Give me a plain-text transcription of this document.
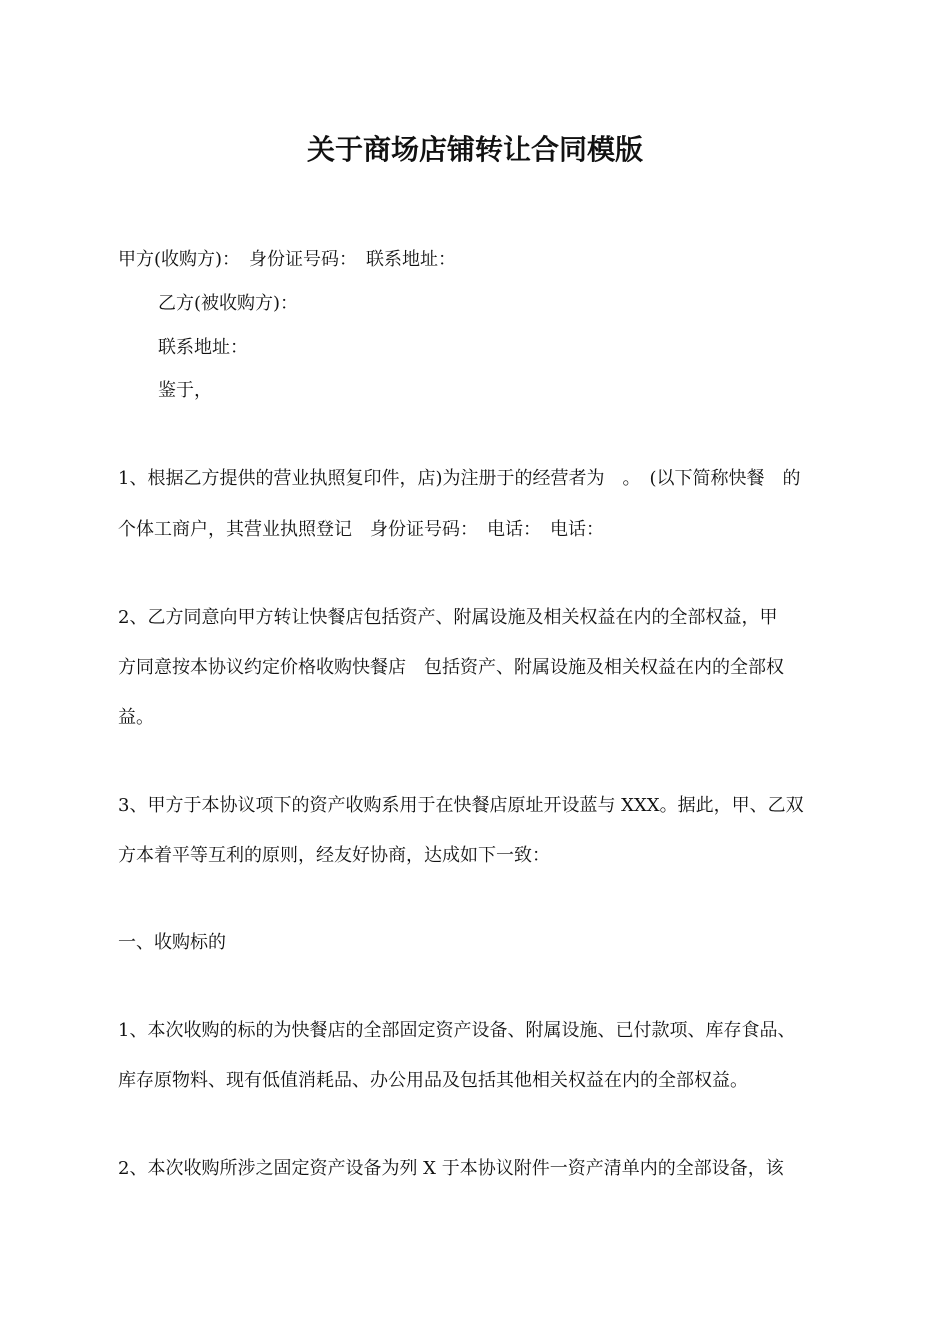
关于商场店铺转让合同模版

甲方(收购方)：　身份证号码：　联系地址：

乙方(被收购方)：

联系地址：

鉴于，

1、根据乙方提供的营业执照复印件，店)为注册于的经营者为　。　(以下简称快餐　的

个体工商户，其营业执照登记　身份证号码：　电话：　电话：

2、乙方同意向甲方转让快餐店包括资产、附属设施及相关权益在内的全部权益，甲

方同意按本协议约定价格收购快餐店　包括资产、附属设施及相关权益在内的全部权

益。

3、甲方于本协议项下的资产收购系用于在快餐店原址开设蓝与 XXX。据此，甲、乙双

方本着平等互利的原则，经友好协商，达成如下一致：

一、收购标的

1、本次收购的标的为快餐店的全部固定资产设备、附属设施、已付款项、库存食品、

库存原物料、现有低值消耗品、办公用品及包括其他相关权益在内的全部权益。

2、本次收购所涉之固定资产设备为列 X 于本协议附件一资产清单内的全部设备，该
